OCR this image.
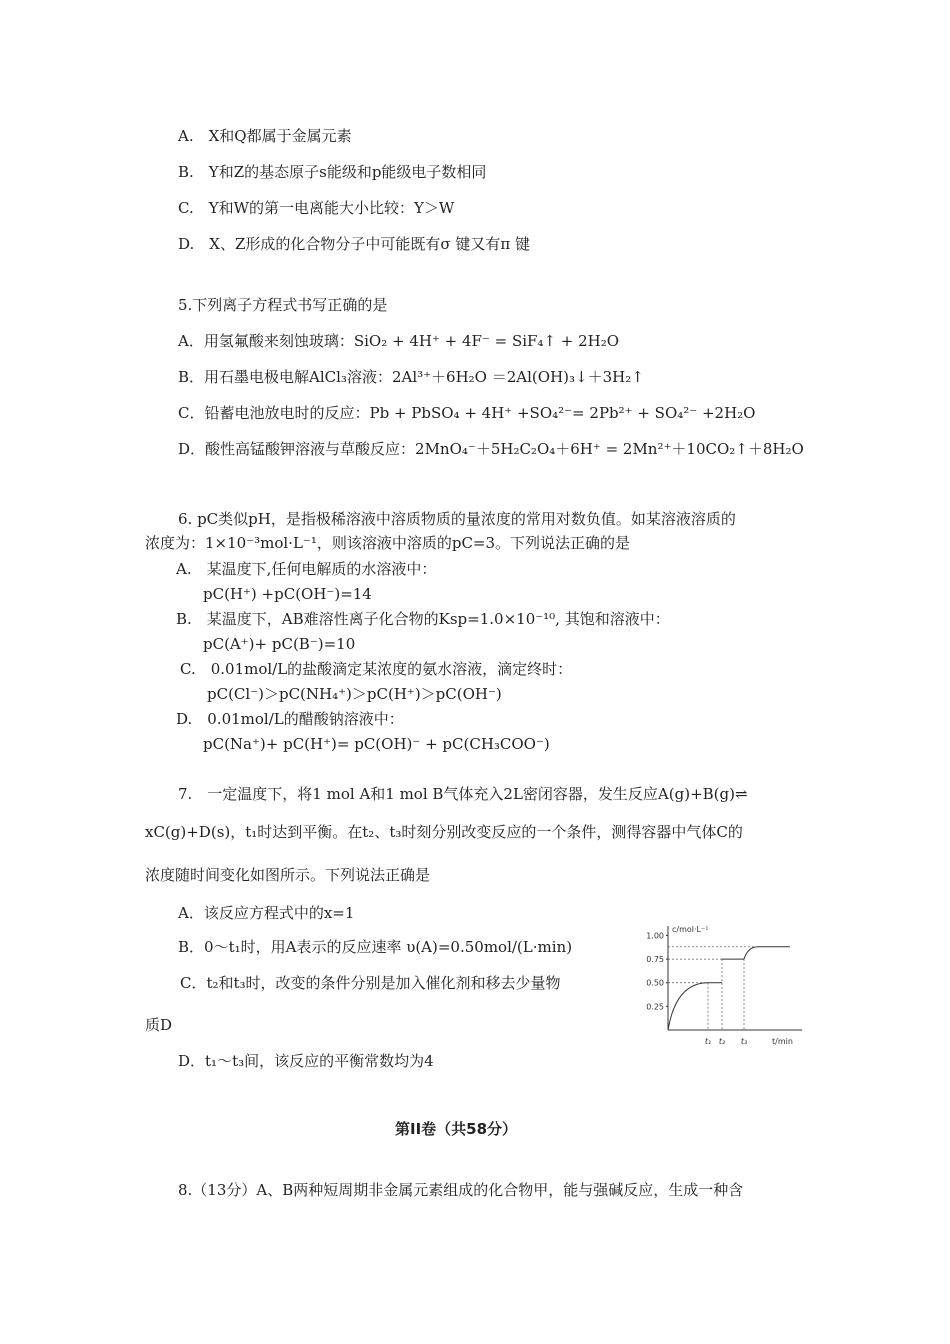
A.　X和Q都属于金属元素
B.　Y和Z的基态原子s能级和p能级电子数相同
C.　Y和W的第一电离能大小比较：Y＞W
D.　X、Z形成的化合物分子中可能既有σ 键又有π 键
5.下列离子方程式书写正确的是
A．用氢氟酸来刻蚀玻璃：SiO₂ + 4H⁺ + 4F⁻ = SiF₄↑ + 2H₂O
B．用石墨电极电解AlCl₃溶液：2Al³⁺＋6H₂O ＝2Al(OH)₃↓＋3H₂↑
C．铅蓄电池放电时的反应：Pb + PbSO₄ + 4H⁺ +SO₄²⁻= 2Pb²⁺ + SO₄²⁻ +2H₂O
D．酸性高锰酸钾溶液与草酸反应：2MnO₄⁻＋5H₂C₂O₄＋6H⁺ = 2Mn²⁺＋10CO₂↑＋8H₂O
6. pC类似pH，是指极稀溶液中溶质物质的量浓度的常用对数负值。如某溶液溶质的
浓度为：1×10⁻³mol·L⁻¹，则该溶液中溶质的pC=3。下列说法正确的是
A.　某温度下,任何电解质的水溶液中：
pC(H⁺) +pC(OH⁻)=14
B.　某温度下，AB难溶性离子化合物的Ksp=1.0×10⁻¹⁰, 其饱和溶液中：
pC(A⁺)+ pC(B⁻)=10
C.　0.01mol/L的盐酸滴定某浓度的氨水溶液，滴定终时：
pC(Cl⁻)＞pC(NH₄⁺)＞pC(H⁺)＞pC(OH⁻)
D.　0.01mol/L的醋酸钠溶液中：
pC(Na⁺)+ pC(H⁺)= pC(OH)⁻ + pC(CH₃COO⁻)
7.　一定温度下，将1 mol A和1 mol B气体充入2L密闭容器，发生反应A(g)+B(g)⇌
xC(g)+D(s)，t₁时达到平衡。在t₂、t₃时刻分别改变反应的一个条件，测得容器中气体C的
浓度随时间变化如图所示。下列说法正确是
A．该反应方程式中的x=1
B．0～t₁时，用A表示的反应速率 υ(A)=0.50mol/(L·min)
C．t₂和t₃时，改变的条件分别是加入催化剂和移去少量物
质D
D．t₁～t₃间，该反应的平衡常数均为4
c/mol·L⁻¹
t/min
1.00
0.75
0.50
0.25
t₁ t₂ t₃
第II卷（共58分）
8.（13分）A、B两种短周期非金属元素组成的化合物甲，能与强碱反应，生成一种含
